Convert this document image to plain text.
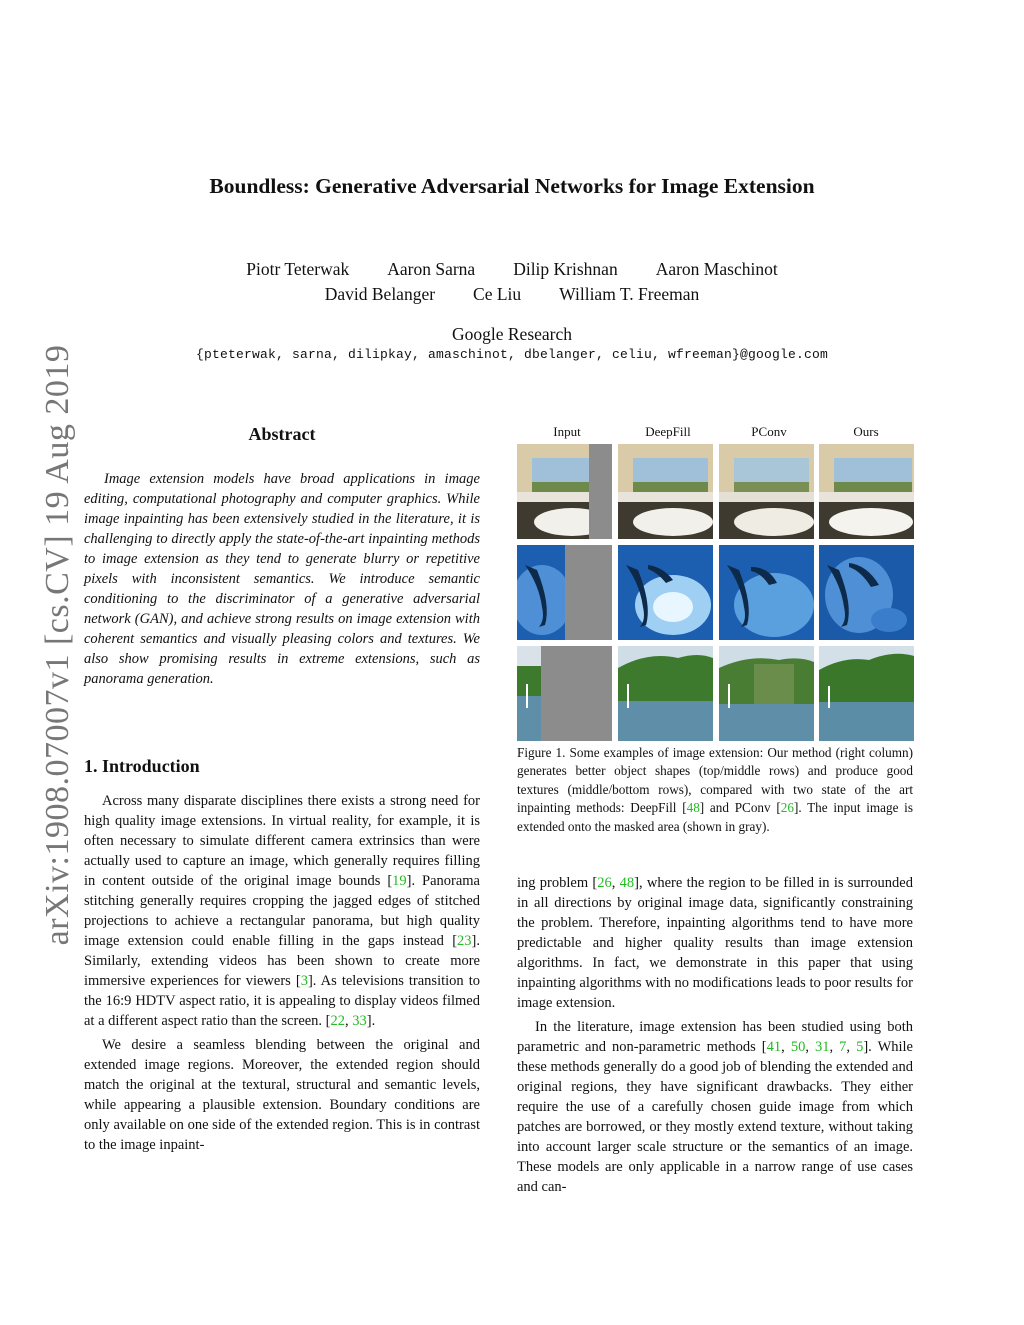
arXiv:1908.07007v1 [cs.CV] 19 Aug 2019
Boundless: Generative Adversarial Networks for Image Extension
Piotr Teterwak Aaron Sarna Dilip Krishnan Aaron Maschinot
David Belanger Ce Liu William T. Freeman
Google Research
{pteterwak, sarna, dilipkay, amaschinot, dbelanger, celiu, wfreeman}@google.com
Abstract

Image extension models have broad applications in image editing, computational photography and computer graphics. While image inpainting has been extensively studied in the literature, it is challenging to directly apply the state-of-the-art inpainting methods to image extension as they tend to generate blurry or repetitive pixels with inconsistent semantics. We introduce semantic conditioning to the discriminator of a generative adversarial network (GAN), and achieve strong results on image extension with coherent semantics and visually pleasing colors and textures. We also show promising results in extreme extensions, such as panorama generation.

1. Introduction

Across many disparate disciplines there exists a strong need for high quality image extensions. In virtual reality, for example, it is often necessary to simulate different camera extrinsics than were actually used to capture an image, which generally requires filling in content outside of the original image bounds [19]. Panorama stitching generally requires cropping the jagged edges of stitched projections to achieve a rectangular panorama, but high quality image extension could enable filling in the gaps instead [23]. Similarly, extending videos has been shown to create more immersive experiences for viewers [3]. As televisions transition to the 16:9 HDTV aspect ratio, it is appealing to display videos filmed at a different aspect ratio than the screen. [22, 33].

We desire a seamless blending between the original and extended image regions. Moreover, the extended region should match the original at the textural, structural and semantic levels, while appearing a plausible extension. Boundary conditions are only available on one side of the extended region. This is in contrast to the image inpaint-

Input	DeepFill	PConv	Ours
Figure 1. Some examples of image extension: Our method (right column) generates better object shapes (top/middle rows) and produce good textures (middle/bottom rows), compared with two state of the art inpainting methods: DeepFill [48] and PConv [26]. The input image is extended onto the masked area (shown in gray).

ing problem [26, 48], where the region to be filled in is surrounded in all directions by original image data, significantly constraining the problem. Therefore, inpainting algorithms tend to have more predictable and higher quality results than image extension algorithms. In fact, we demonstrate in this paper that using inpainting algorithms with no modifications leads to poor results for image extension.

In the literature, image extension has been studied using both parametric and non-parametric methods [41, 50, 31, 7, 5]. While these methods generally do a good job of blending the extended and original regions, they have significant drawbacks. They either require the use of a carefully chosen guide image from which patches are borrowed, or they mostly extend texture, without taking into account larger scale structure or the semantics of an image. These models are only applicable in a narrow range of use cases and can-
